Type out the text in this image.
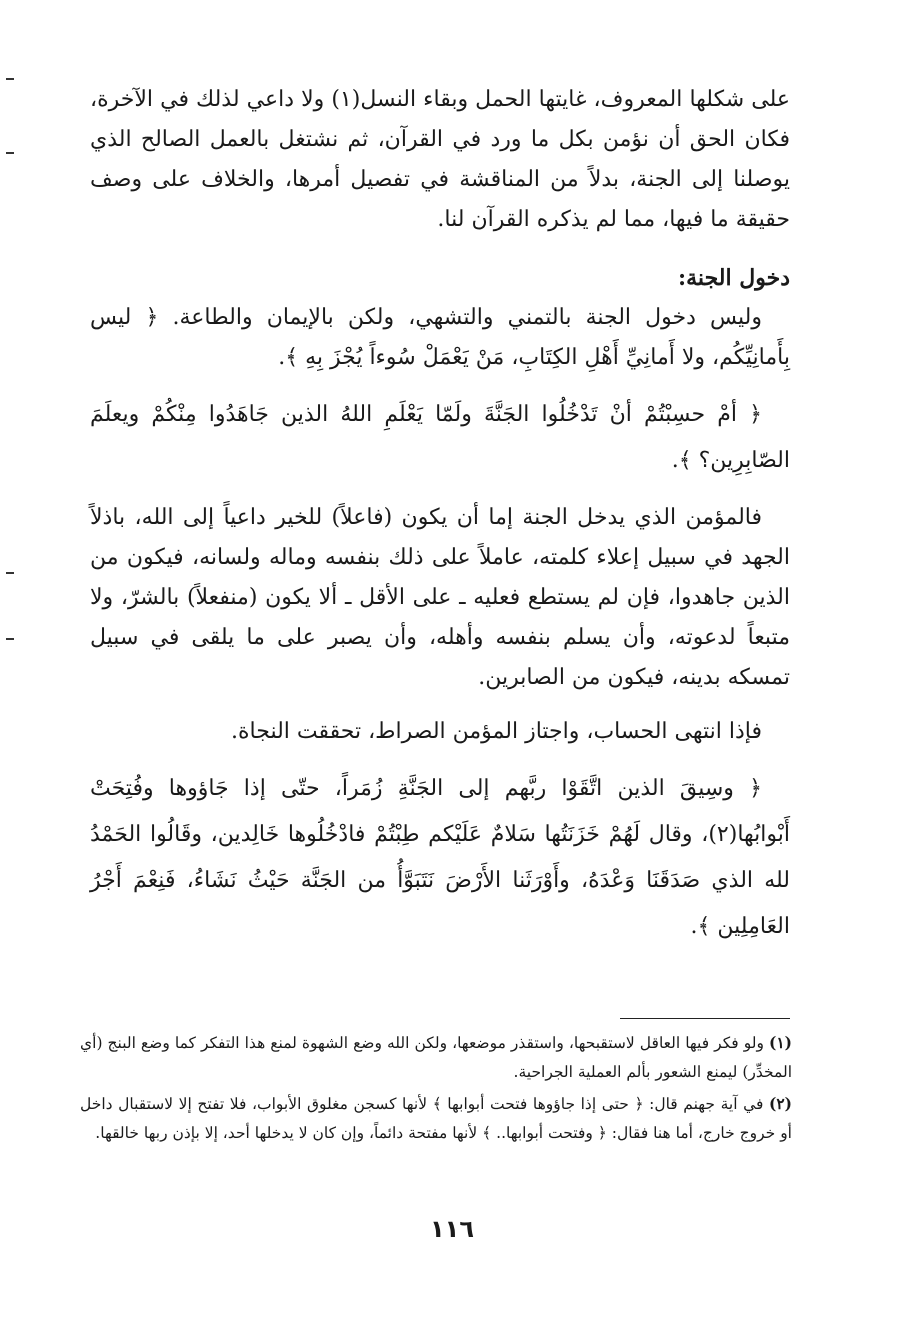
على شكلها المعروف، غايتها الحمل وبقاء النسل(١) ولا داعي لذلك في الآخرة، فكان الحق أن نؤمن بكل ما ورد في القرآن، ثم نشتغل بالعمل الصالح الذي يوصلنا إلى الجنة، بدلاً من المناقشة في تفصيل أمرها، والخلاف على وصف حقيقة ما فيها، مما لم يذكره القرآن لنا.

دخول الجنة:

وليس دخول الجنة بالتمني والتشهي، ولكن بالإيمان والطاعة. ﴿ ليس بِأَمانِيِّكُم، ولا أَمانِيِّ أَهْلِ الكِتَابِ، مَنْ يَعْمَلْ سُوءاً يُجْزَ بِهِ ﴾.

﴿ أمْ حسِبْتُمْ أنْ تَدْخُلُوا الجَنَّةَ ولَمّا يَعْلَمِ اللهُ الذين جَاهَدُوا مِنْكُمْ ويعلَمَ الصّابِرِين؟ ﴾.

فالمؤمن الذي يدخل الجنة إما أن يكون (فاعلاً) للخير داعياً إلى الله، باذلاً الجهد في سبيل إعلاء كلمته، عاملاً على ذلك بنفسه وماله ولسانه، فيكون من الذين جاهدوا، فإن لم يستطع فعليه ـ على الأقل ـ ألا يكون (منفعلاً) بالشرّ، ولا متبعاً لدعوته، وأن يسلم بنفسه وأهله، وأن يصبر على ما يلقى في سبيل تمسكه بدينه، فيكون من الصابرين.

فإذا انتهى الحساب، واجتاز المؤمن الصراط، تحققت النجاة.

﴿ وسِيقَ الذين اتَّقَوْا ربَّهم إلى الجَنَّةِ زُمَراً، حتّى إذا جَاؤوها وفُتِحَتْ أَبْوابُها(٢)، وقال لَهُمْ خَزَنَتُها سَلامٌ عَلَيْكم طِبْتُمْ فادْخُلُوها خَالِدين، وقَالُوا الحَمْدُ لله الذي صَدَقَنَا وَعْدَهُ، وأَوْرَثَنا الأَرْضَ نَتَبَوَّأُ من الجَنَّة حَيْثُ نَشَاءُ، فَنِعْمَ أَجْرُ العَامِلِين ﴾.

(١) ولو فكر فيها العاقل لاستقبحها، واستقذر موضعها، ولكن الله وضع الشهوة لمنع هذا التفكر كما وضع البنج (أي المخدِّر) ليمنع الشعور بألم العملية الجراحية.

(٢) في آية جهنم قال: ﴿ حتى إذا جاؤوها فتحت أبوابها ﴾ لأنها كسجن مغلوق الأبواب، فلا تفتح إلا لاستقبال داخل أو خروج خارج، أما هنا فقال: ﴿ وفتحت أبوابها.. ﴾ لأنها مفتحة دائماً، وإن كان لا يدخلها أحد، إلا بإذن ربها خالقها.

١١٦
